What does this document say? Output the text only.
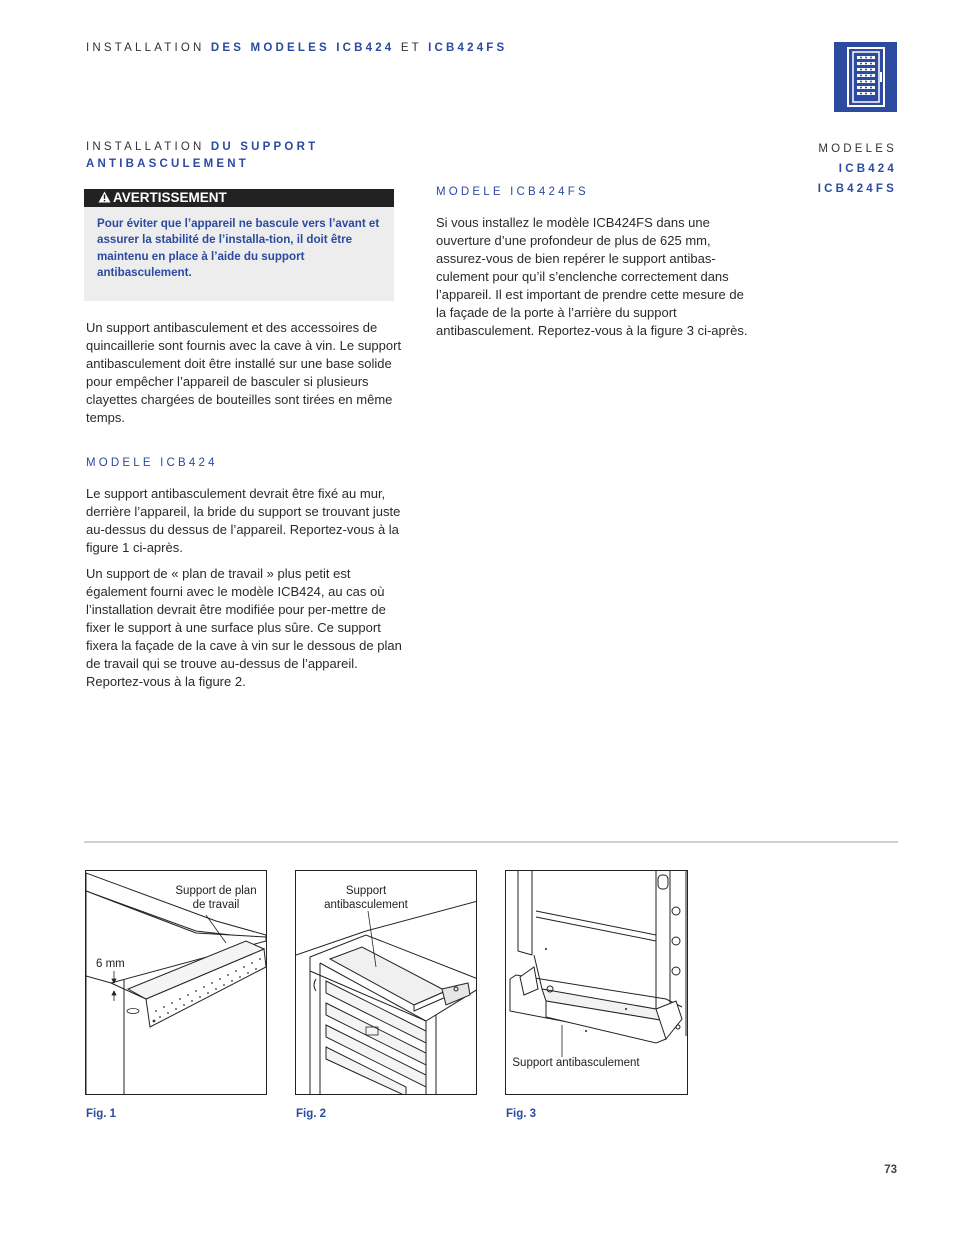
INSTALLATION DES MODELES ICB424 ET ICB424FS
INSTALLATION DU SUPPORT ANTIBASCULEMENT
MODELES
ICB424
ICB424FS
AVERTISSEMENT
Pour éviter que l’appareil ne bascule vers l’avant et assurer la stabilité de l’installa-tion, il doit être maintenu en place à l’aide du support antibasculement.
Un support antibasculement et des accessoires de quincaillerie sont fournis avec la cave à vin. Le support antibasculement doit être installé sur une base solide pour empêcher l’appareil de basculer si plusieurs clayettes chargées de bouteilles sont tirées en même temps.
MODELE ICB424
Le support antibasculement devrait être fixé au mur, derrière l’appareil, la bride du support se trouvant juste au-dessus du dessus de l’appareil. Reportez-vous à la figure 1 ci-après.
Un support de « plan de travail » plus petit est également fourni avec le modèle ICB424, au cas où l’installation devrait être modifiée pour per-mettre de fixer le support à une surface plus sûre. Ce support fixera la façade de la cave à vin sur le dessous de plan de travail qui se trouve au-dessus de l’appareil. Reportez-vous à la figure 2.
MODELE ICB424FS
Si vous installez le modèle ICB424FS dans une ouverture d’une profondeur de plus de 625 mm, assurez-vous de bien repérer le support antibas-culement pour qu’il s’enclenche correctement dans l’appareil. Il est important de prendre cette mesure de la façade de la porte à l’arrière du support antibasculement. Reportez-vous à la figure 3 ci-après.
Support de plan de travail
6 mm
Support antibasculement
Support antibasculement
Fig. 1	Fig. 2	Fig. 3
73
